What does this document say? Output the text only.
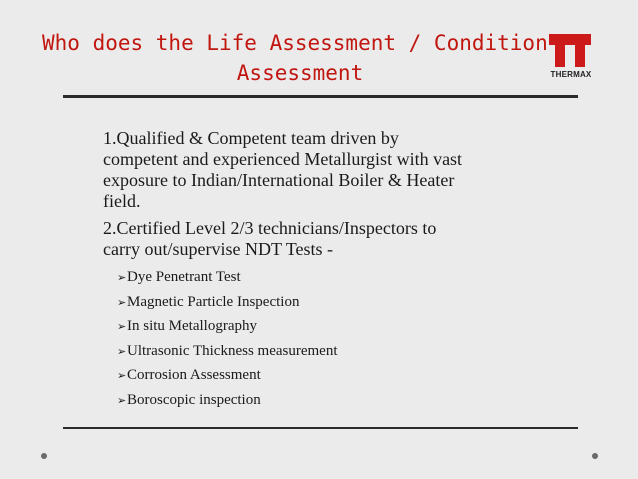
Who does the Life Assessment / Condition
Assessment	THERMAX
1.Qualified & Competent team driven by
competent and experienced Metallurgist with vast
exposure to Indian/International Boiler & Heater
field.
2.Certified Level 2/3 technicians/Inspectors to
carry out/supervise NDT Tests -
➢Dye Penetrant Test
➢Magnetic Particle Inspection
➢In situ Metallography
➢Ultrasonic Thickness measurement
➢Corrosion Assessment
➢Boroscopic inspection
